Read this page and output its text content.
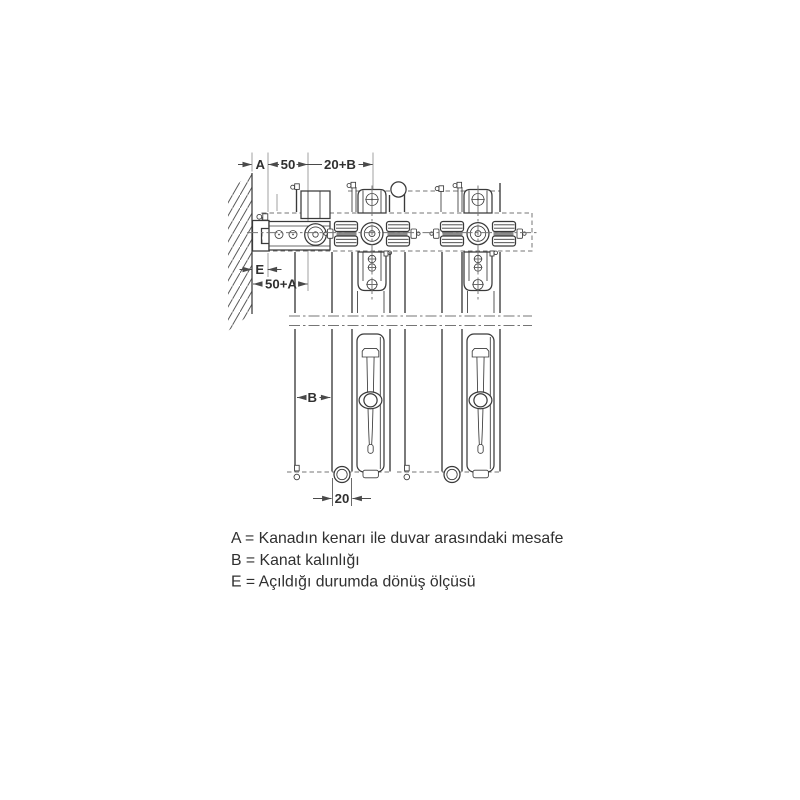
A 50 20+B
E
50+A
B
20
A = Kanadın kenarı ile duvar arasındaki mesafe
B = Kanat kalınlığı
E = Açıldığı durumda dönüş ölçüsü
